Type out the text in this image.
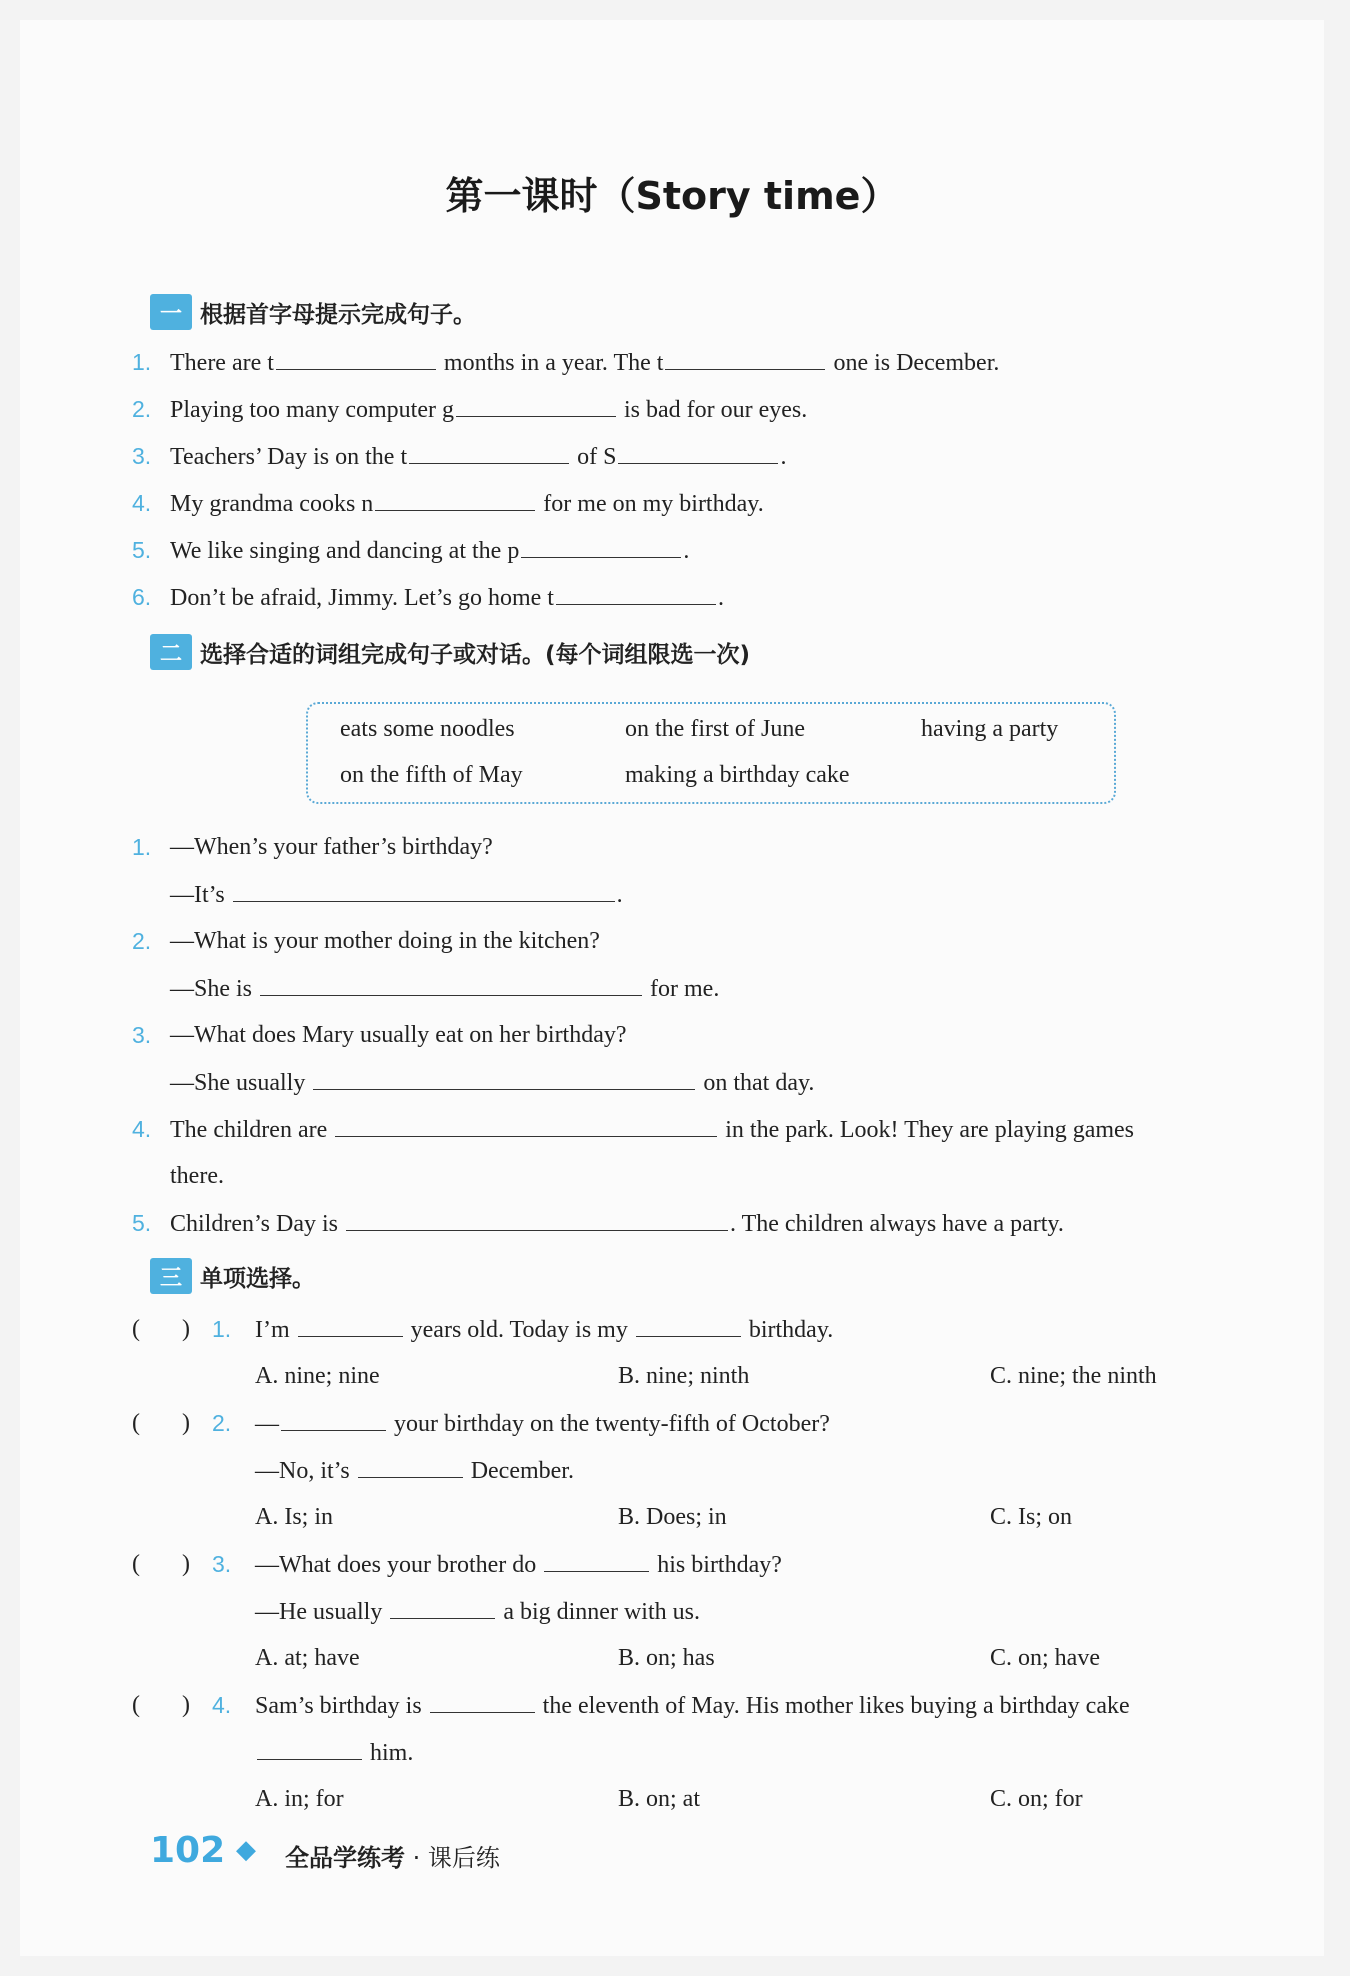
第一课时（Story time）
一 根据首字母提示完成句子。
1. There are t	months in a year. The t	one is December.
2. Playing too many computer g	is bad for our eyes.
3. Teachers’ Day is on the t	of S	.
4. My grandma cooks n	for me on my birthday.
5. We like singing and dancing at the p	.
6. Don’t be afraid, Jimmy. Let’s go home t	.
二 选择合适的词组完成句子或对话。(每个词组限选一次)
eats some noodles	on the first of June	having a party
on the fifth of May	making a birthday cake
1. —When’s your father’s birthday?
—It’s	.
2. —What is your mother doing in the kitchen?
—She is	for me.
3. —What does Mary usually eat on her birthday?
—She usually	on that day.
4. The children are	in the park. Look! They are playing games
there.
5. Children’s Day is	. The children always have a party.
三 单项选择。
(       ) 1. I’m	years old. Today is my	birthday.
A. nine; nine	B. nine; ninth	C. nine; the ninth
(       ) 2. —	your birthday on the twenty-fifth of October?
—No, it’s	December.
A. Is; in	B. Does; in	C. Is; on
(       ) 3. —What does your brother do	his birthday?
—He usually	a big dinner with us.
A. at; have	B. on; has	C. on; have
(       ) 4. Sam’s birthday is	the eleventh of May. His mother likes buying a birthday cake
him.
A. in; for	B. on; at	C. on; for
102 ◆ 全品学练考 · 课后练
